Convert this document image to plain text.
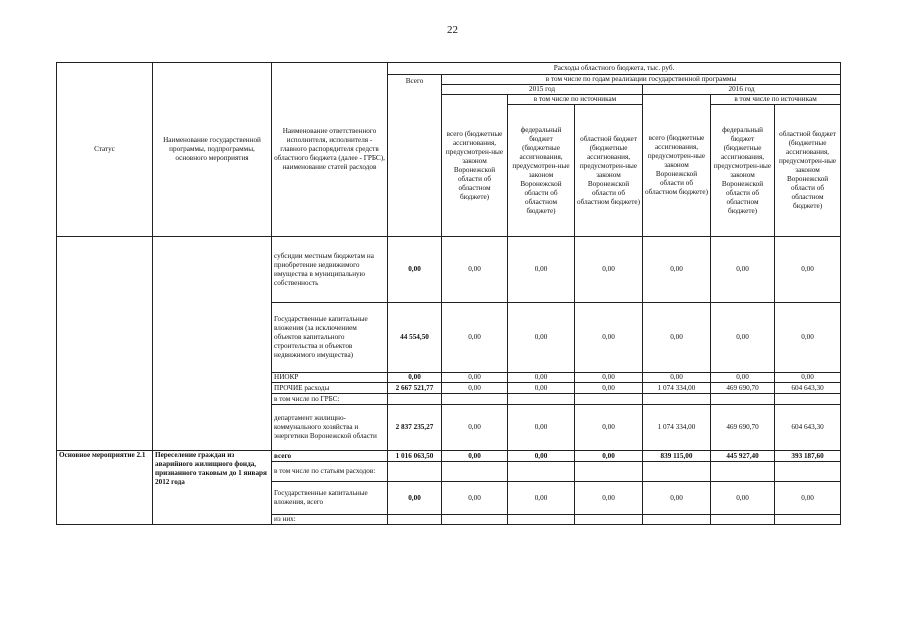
22
Статус	Наименование государственной программы, подпрограммы, основного мероприятия	Наименование ответственного исполнителя, исполнителя - главного распорядителя средств областного бюджета (далее - ГРБС), наименование статей расходов	Расходы областного бюджета, тыс. руб.						
			Всего	в том числе по годам реализации государственной программы					
				2015 год			2016 год		
				всего (бюджетные ассигнования, предусмотрен-ные законом Воронежской области об областном бюджете)	в том числе по источникам		всего (бюджетные ассигнования, предусмотрен-ные законом Воронежской области об областном бюджете)	в том числе по источникам	
					федеральный бюджет (бюджетные ассигнования, предусмотрен-ные законом Воронежской области об областном бюджете)	областной бюджет (бюджетные ассигнования, предусмотрен-ные законом Воронежской области об областном бюджете)		федеральный бюджет (бюджетные ассигнования, предусмотрен-ные законом Воронежской области об областном бюджете)	областной бюджет (бюджетные ассигнования, предусмотрен-ные законом Воронежской области об областном бюджете)
		субсидии местным бюджетам на приобретение недвижимого имущества в муниципальную собственность	0,00	0,00	0,00	0,00	0,00	0,00	0,00
		Государственные капитальные вложения (за исключением объектов капитального строительства и объектов недвижимого имущества)	44 554,50	0,00	0,00	0,00	0,00	0,00	0,00
		НИОКР	0,00	0,00	0,00	0,00	0,00	0,00	0,00
		ПРОЧИЕ расходы	2 667 521,77	0,00	0,00	0,00	1 074 334,00	469 690,70	604 643,30
		в том числе по ГРБС:							
		департамент жилищно-коммунального хозяйства и энергетики Воронежской области	2 837 235,27	0,00	0,00	0,00	1 074 334,00	469 690,70	604 643,30
Основное мероприятие 2.1	Переселение граждан из аварийного жилищного фонда, признанного таковым до 1 января 2012 года	всего	1 016 063,50	0,00	0,00	0,00	839 115,00	445 927,40	393 187,60
		в том числе по статьям расходов:							
		Государственные капитальные вложения, всего	0,00	0,00	0,00	0,00	0,00	0,00	0,00
		из них:							
